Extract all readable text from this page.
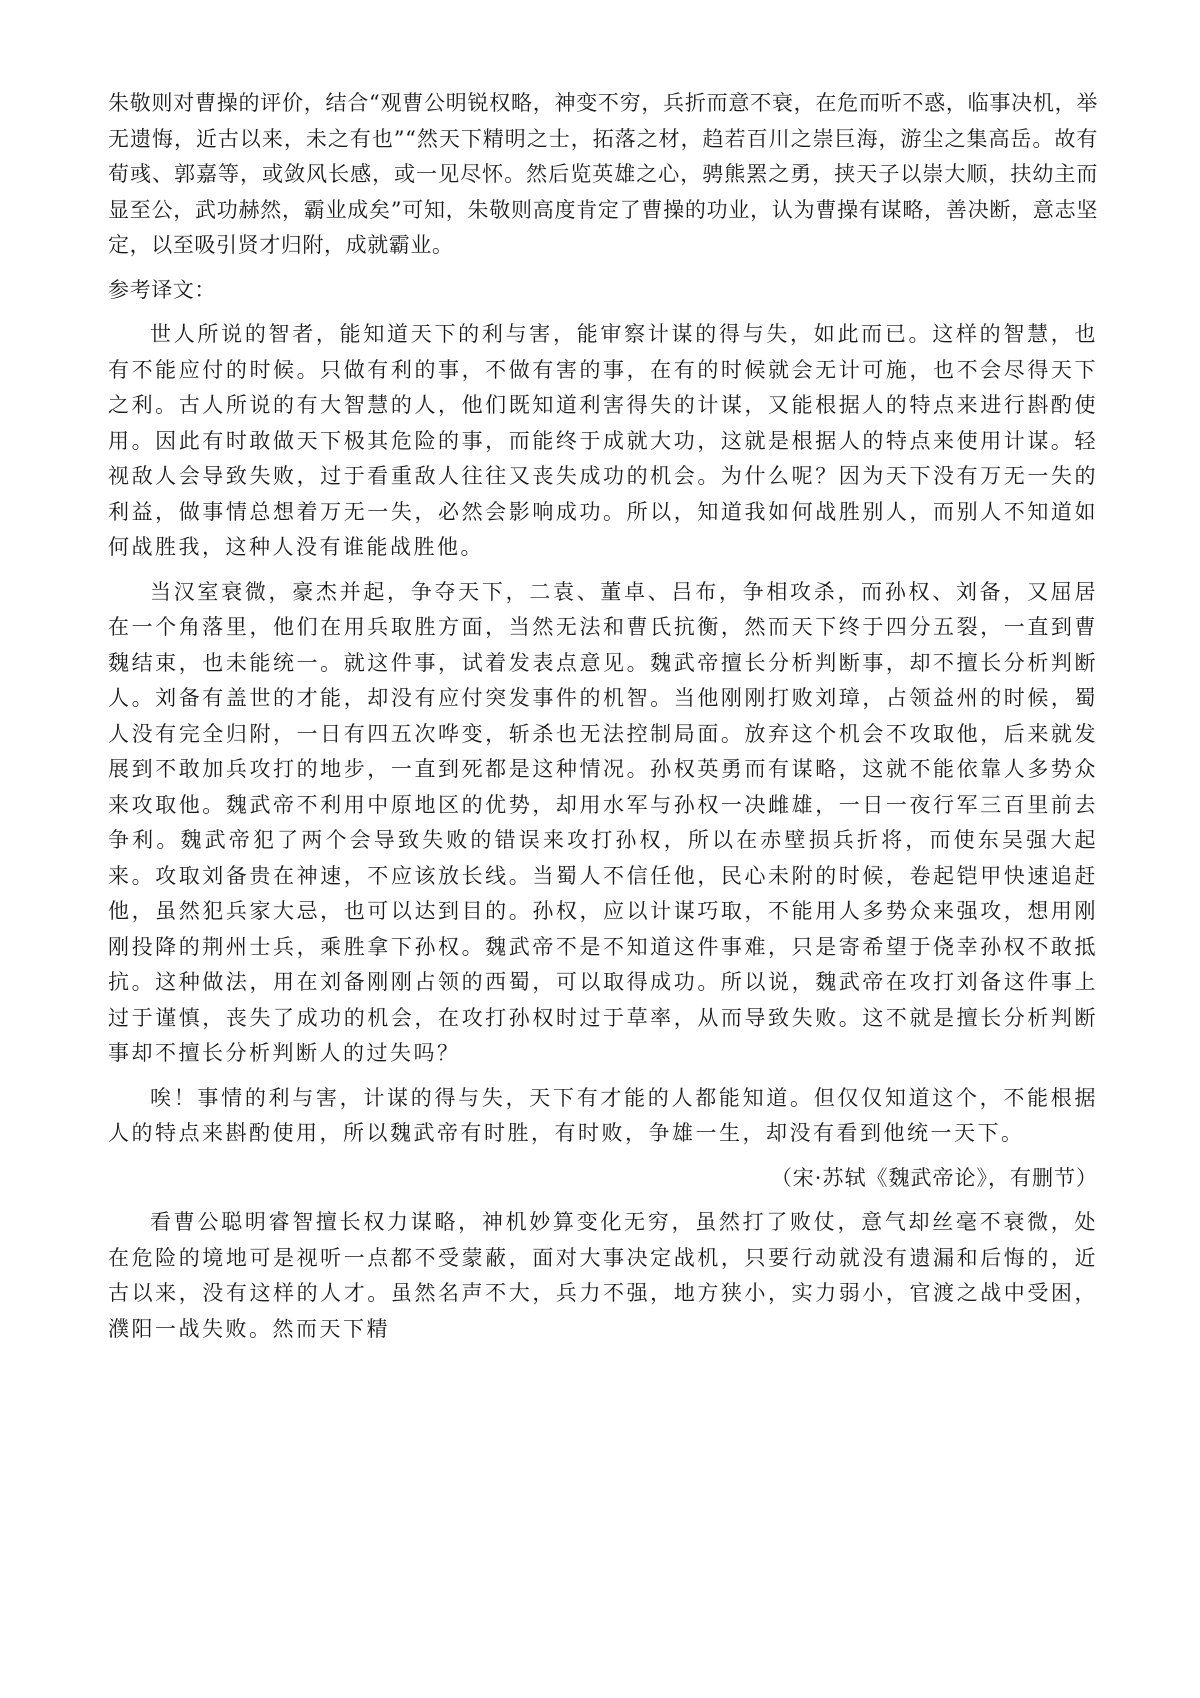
朱敬则对曹操的评价，结合“观曹公明锐权略，神变不穷，兵折而意不衰，在危而听不惑，临事决机，举无遗悔，近古以来，未之有也”“然天下精明之士，拓落之材，趋若百川之崇巨海，游尘之集高岳。故有荀彧、郭嘉等，或敛风长感，或一见尽怀。然后览英雄之心，骋熊罴之勇，挟天子以崇大顺，扶幼主而显至公，武功赫然，霸业成矣”可知，朱敬则高度肯定了曹操的功业，认为曹操有谋略，善决断，意志坚定，以至吸引贤才归附，成就霸业。

参考译文：

世人所说的智者，能知道天下的利与害，能审察计谋的得与失，如此而已。这样的智慧，也有不能应付的时候。只做有利的事，不做有害的事，在有的时候就会无计可施，也不会尽得天下之利。古人所说的有大智慧的人，他们既知道利害得失的计谋，又能根据人的特点来进行斟酌使用。因此有时敢做天下极其危险的事，而能终于成就大功，这就是根据人的特点来使用计谋。轻视敌人会导致失败，过于看重敌人往往又丧失成功的机会。为什么呢？因为天下没有万无一失的利益，做事情总想着万无一失，必然会影响成功。所以，知道我如何战胜别人，而别人不知道如何战胜我，这种人没有谁能战胜他。

当汉室衰微，豪杰并起，争夺天下，二袁、董卓、吕布，争相攻杀，而孙权、刘备，又屈居在一个角落里，他们在用兵取胜方面，当然无法和曹氏抗衡，然而天下终于四分五裂，一直到曹魏结束，也未能统一。就这件事，试着发表点意见。魏武帝擅长分析判断事，却不擅长分析判断人。刘备有盖世的才能，却没有应付突发事件的机智。当他刚刚打败刘璋，占领益州的时候，蜀人没有完全归附，一日有四五次哗变，斩杀也无法控制局面。放弃这个机会不攻取他，后来就发展到不敢加兵攻打的地步，一直到死都是这种情况。孙权英勇而有谋略，这就不能依靠人多势众来攻取他。魏武帝不利用中原地区的优势，却用水军与孙权一决雌雄，一日一夜行军三百里前去争利。魏武帝犯了两个会导致失败的错误来攻打孙权，所以在赤壁损兵折将，而使东吴强大起来。攻取刘备贵在神速，不应该放长线。当蜀人不信任他，民心未附的时候，卷起铠甲快速追赶他，虽然犯兵家大忌，也可以达到目的。孙权，应以计谋巧取，不能用人多势众来强攻，想用刚刚投降的荆州士兵，乘胜拿下孙权。魏武帝不是不知道这件事难，只是寄希望于侥幸孙权不敢抵抗。这种做法，用在刘备刚刚占领的西蜀，可以取得成功。所以说，魏武帝在攻打刘备这件事上过于谨慎，丧失了成功的机会，在攻打孙权时过于草率，从而导致失败。这不就是擅长分析判断事却不擅长分析判断人的过失吗？

唉！事情的利与害，计谋的得与失，天下有才能的人都能知道。但仅仅知道这个，不能根据人的特点来斟酌使用，所以魏武帝有时胜，有时败，争雄一生，却没有看到他统一天下。

（宋·苏轼《魏武帝论》，有删节）

看曹公聪明睿智擅长权力谋略，神机妙算变化无穷，虽然打了败仗，意气却丝毫不衰微，处在危险的境地可是视听一点都不受蒙蔽，面对大事决定战机，只要行动就没有遗漏和后悔的，近古以来，没有这样的人才。虽然名声不大，兵力不强，地方狭小，实力弱小，官渡之战中受困，濮阳一战失败。然而天下精
